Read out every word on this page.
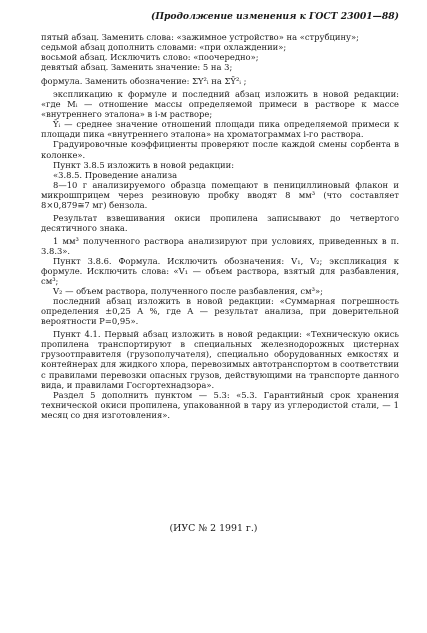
(Продолжение изменения к ГОСТ 23001—88)

пятый абзац. Заменить слова: «зажимное устройство» на «струбцину»;

седьмой абзац дополнить словами: «при охлаждении»;

восьмой абзац. Исключить слово: «поочередно»;

девятый абзац. Заменить значение: 5 на 3;

формула. Заменить обозначение: ΣY²ᵢ на ΣȲ²ᵢ ;

экспликацию к формуле и последний абзац изложить в новой редакции: «где Mᵢ — отношение массы определяемой примеси в растворе к массе «внутреннего эталона» в i-м растворе;

Ȳᵢ — среднее значение отношений площади пика определяемой примеси к площади пика «внутреннего эталона» на хроматограммах i-го раствора.

Градуировочные коэффициенты проверяют после каждой смены сорбента в колонке».

Пункт 3.8.5 изложить в новой редакции:

«3.8.5. Проведение анализа

8—10 г анализируемого образца помещают в пенициллиновый флакон и микрошприцем через резиновую пробку вводят 8 мм³ (что составляет 8×0,879≅7 мг) бензола.

Результат взвешивания окиси пропилена записывают до четвертого десятичного знака.

1 мм³ полученного раствора анализируют при условиях, приведенных в п. 3.8.3».

Пункт 3.8.6. Формула. Исключить обозначения: V₁, V₂; экспликация к формуле. Исключить слова: «V₁ — объем раствора, взятый для разбавления, см³;

V₂ — объем раствора, полученного после разбавления, см³»;

последний абзац изложить в новой редакции: «Суммарная погрешность определения ±0,25 A %, где A — результат анализа, при доверительной вероятности P=0,95».

Пункт 4.1. Первый абзац изложить в новой редакции: «Техническую окись пропилена транспортируют в специальных железнодорожных цистернах грузоотправителя (грузополучателя), специально оборудованных емкостях и контейнерах для жидкого хлора, перевозимых автотранспортом в соответствии с правилами перевозки опасных грузов, действующими на транспорте данного вида, и правилами Госгортехнадзора».

Раздел 5 дополнить пунктом — 5.3: «5.3. Гарантийный срок хранения технической окиси пропилена, упакованной в тару из углеродистой стали, — 1 месяц со дня изготовления».

(ИУС № 2 1991 г.)
